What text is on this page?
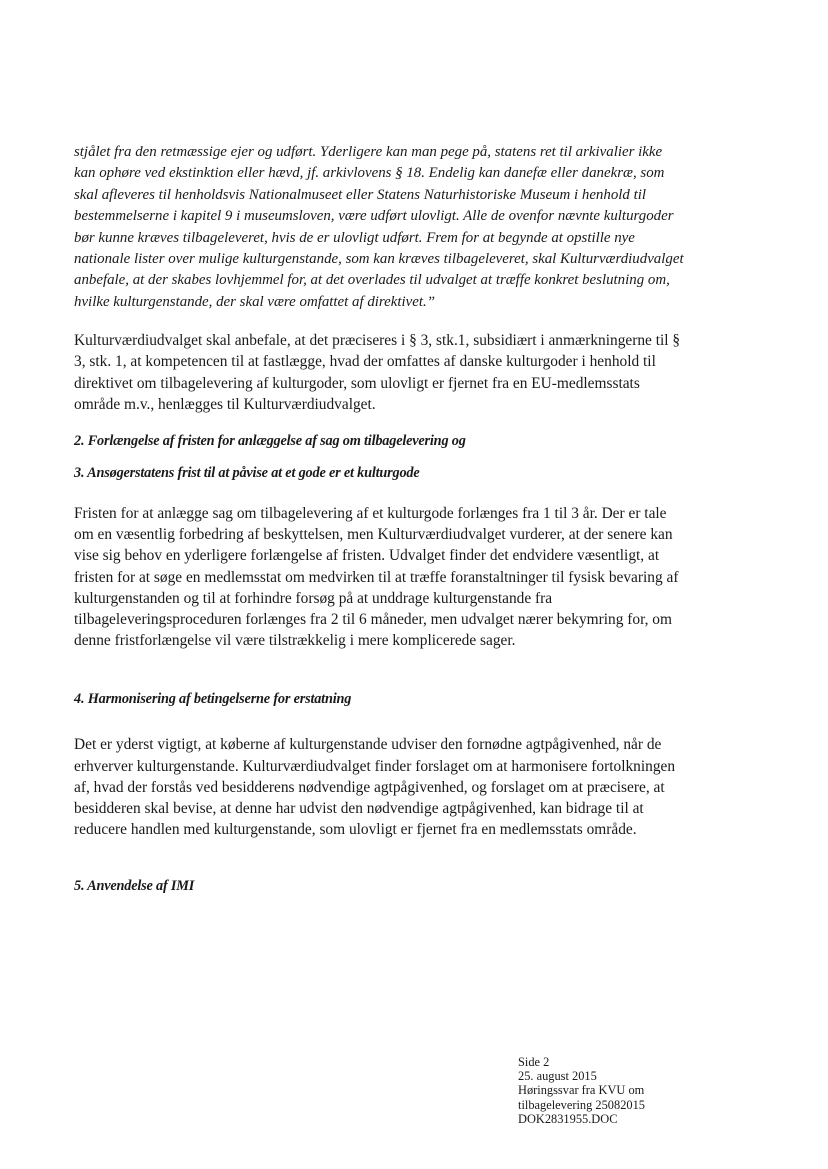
stjålet fra den retmæssige ejer og udført. Yderligere kan man pege på, statens ret til arkivalier ikke kan ophøre ved ekstinktion eller hævd, jf. arkivlovens § 18. Endelig kan danefæ eller danekræ, som skal afleveres til henholdsvis Nationalmuseet eller Statens Naturhistoriske Museum i henhold til bestemmelserne i kapitel 9 i museumsloven, være udført ulovligt. Alle de ovenfor nævnte kulturgoder bør kunne kræves tilbageleveret, hvis de er ulovligt udført. Frem for at begynde at opstille nye nationale lister over mulige kulturgenstande, som kan kræves tilbageleveret, skal Kulturværdiudvalget anbefale, at der skabes lovhjemmel for, at det overlades til udvalget at træffe konkret beslutning om, hvilke kulturgenstande, der skal være omfattet af direktivet.”

Kulturværdiudvalget skal anbefale, at det præciseres i § 3, stk.1, subsidiært i anmærkningerne til § 3, stk. 1, at kompetencen til at fastlægge, hvad der omfattes af danske kulturgoder i henhold til direktivet om tilbagelevering af kulturgoder, som ulovligt er fjernet fra en EU-medlemsstats område m.v., henlægges til Kulturværdiudvalget.

2. Forlængelse af fristen for anlæggelse af sag om tilbagelevering og
3. Ansøgerstatens frist til at påvise at et gode er et kulturgode

Fristen for at anlægge sag om tilbagelevering af et kulturgode forlænges fra 1 til 3 år. Der er tale om en væsentlig forbedring af beskyttelsen, men Kulturværdiudvalget vurderer, at der senere kan vise sig behov en yderligere forlængelse af fristen. Udvalget finder det endvidere væsentligt, at fristen for at søge en medlemsstat om medvirken til at træffe foranstaltninger til fysisk bevaring af kulturgenstanden og til at forhindre forsøg på at unddrage kulturgenstande fra tilbageleveringsproceduren forlænges fra 2 til 6 måneder, men udvalget nærer bekymring for, om denne fristforlængelse vil være tilstrækkelig i mere komplicerede sager.

4. Harmonisering af betingelserne for erstatning

Det er yderst vigtigt, at køberne af kulturgenstande udviser den fornødne agtpågivenhed, når de erhverver kulturgenstande. Kulturværdiudvalget finder forslaget om at harmonisere fortolkningen af, hvad der forstås ved besidderens nødvendige agtpågivenhed, og forslaget om at præcisere, at besidderen skal bevise, at denne har udvist den nødvendige agtpågivenhed, kan bidrage til at reducere handlen med kulturgenstande, som ulovligt er fjernet fra en medlemsstats område.

5. Anvendelse af IMI
Side 2
25. august 2015
Høringssvar fra KVU om
tilbagelevering 25082015
DOK2831955.DOC
